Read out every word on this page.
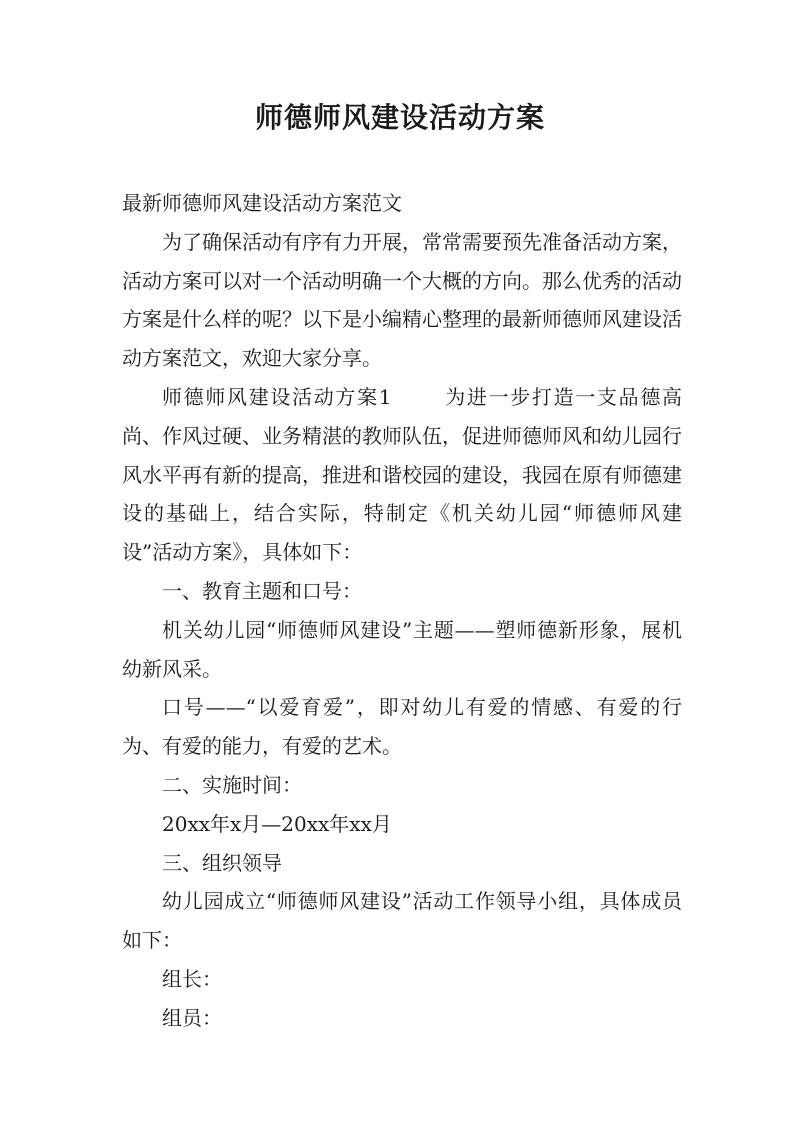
师德师风建设活动方案

最新师德师风建设活动方案范文

为了确保活动有序有力开展，常常需要预先准备活动方案，活动方案可以对一个活动明确一个大概的方向。那么优秀的活动方案是什么样的呢？以下是小编精心整理的最新师德师风建设活动方案范文，欢迎大家分享。

师德师风建设活动方案1	为进一步打造一支品德高尚、作风过硬、业务精湛的教师队伍，促进师德师风和幼儿园行风水平再有新的提高，推进和谐校园的建设，我园在原有师德建设的基础上，结合实际，特制定《机关幼儿园“师德师风建设”活动方案》，具体如下：

一、教育主题和口号：

机关幼儿园“师德师风建设”主题——塑师德新形象，展机幼新风采。

口号——“以爱育爱”，即对幼儿有爱的情感、有爱的行为、有爱的能力，有爱的艺术。

二、实施时间：

20xx年x月—20xx年xx月

三、组织领导

幼儿园成立“师德师风建设”活动工作领导小组，具体成员如下：

组长：

组员：
